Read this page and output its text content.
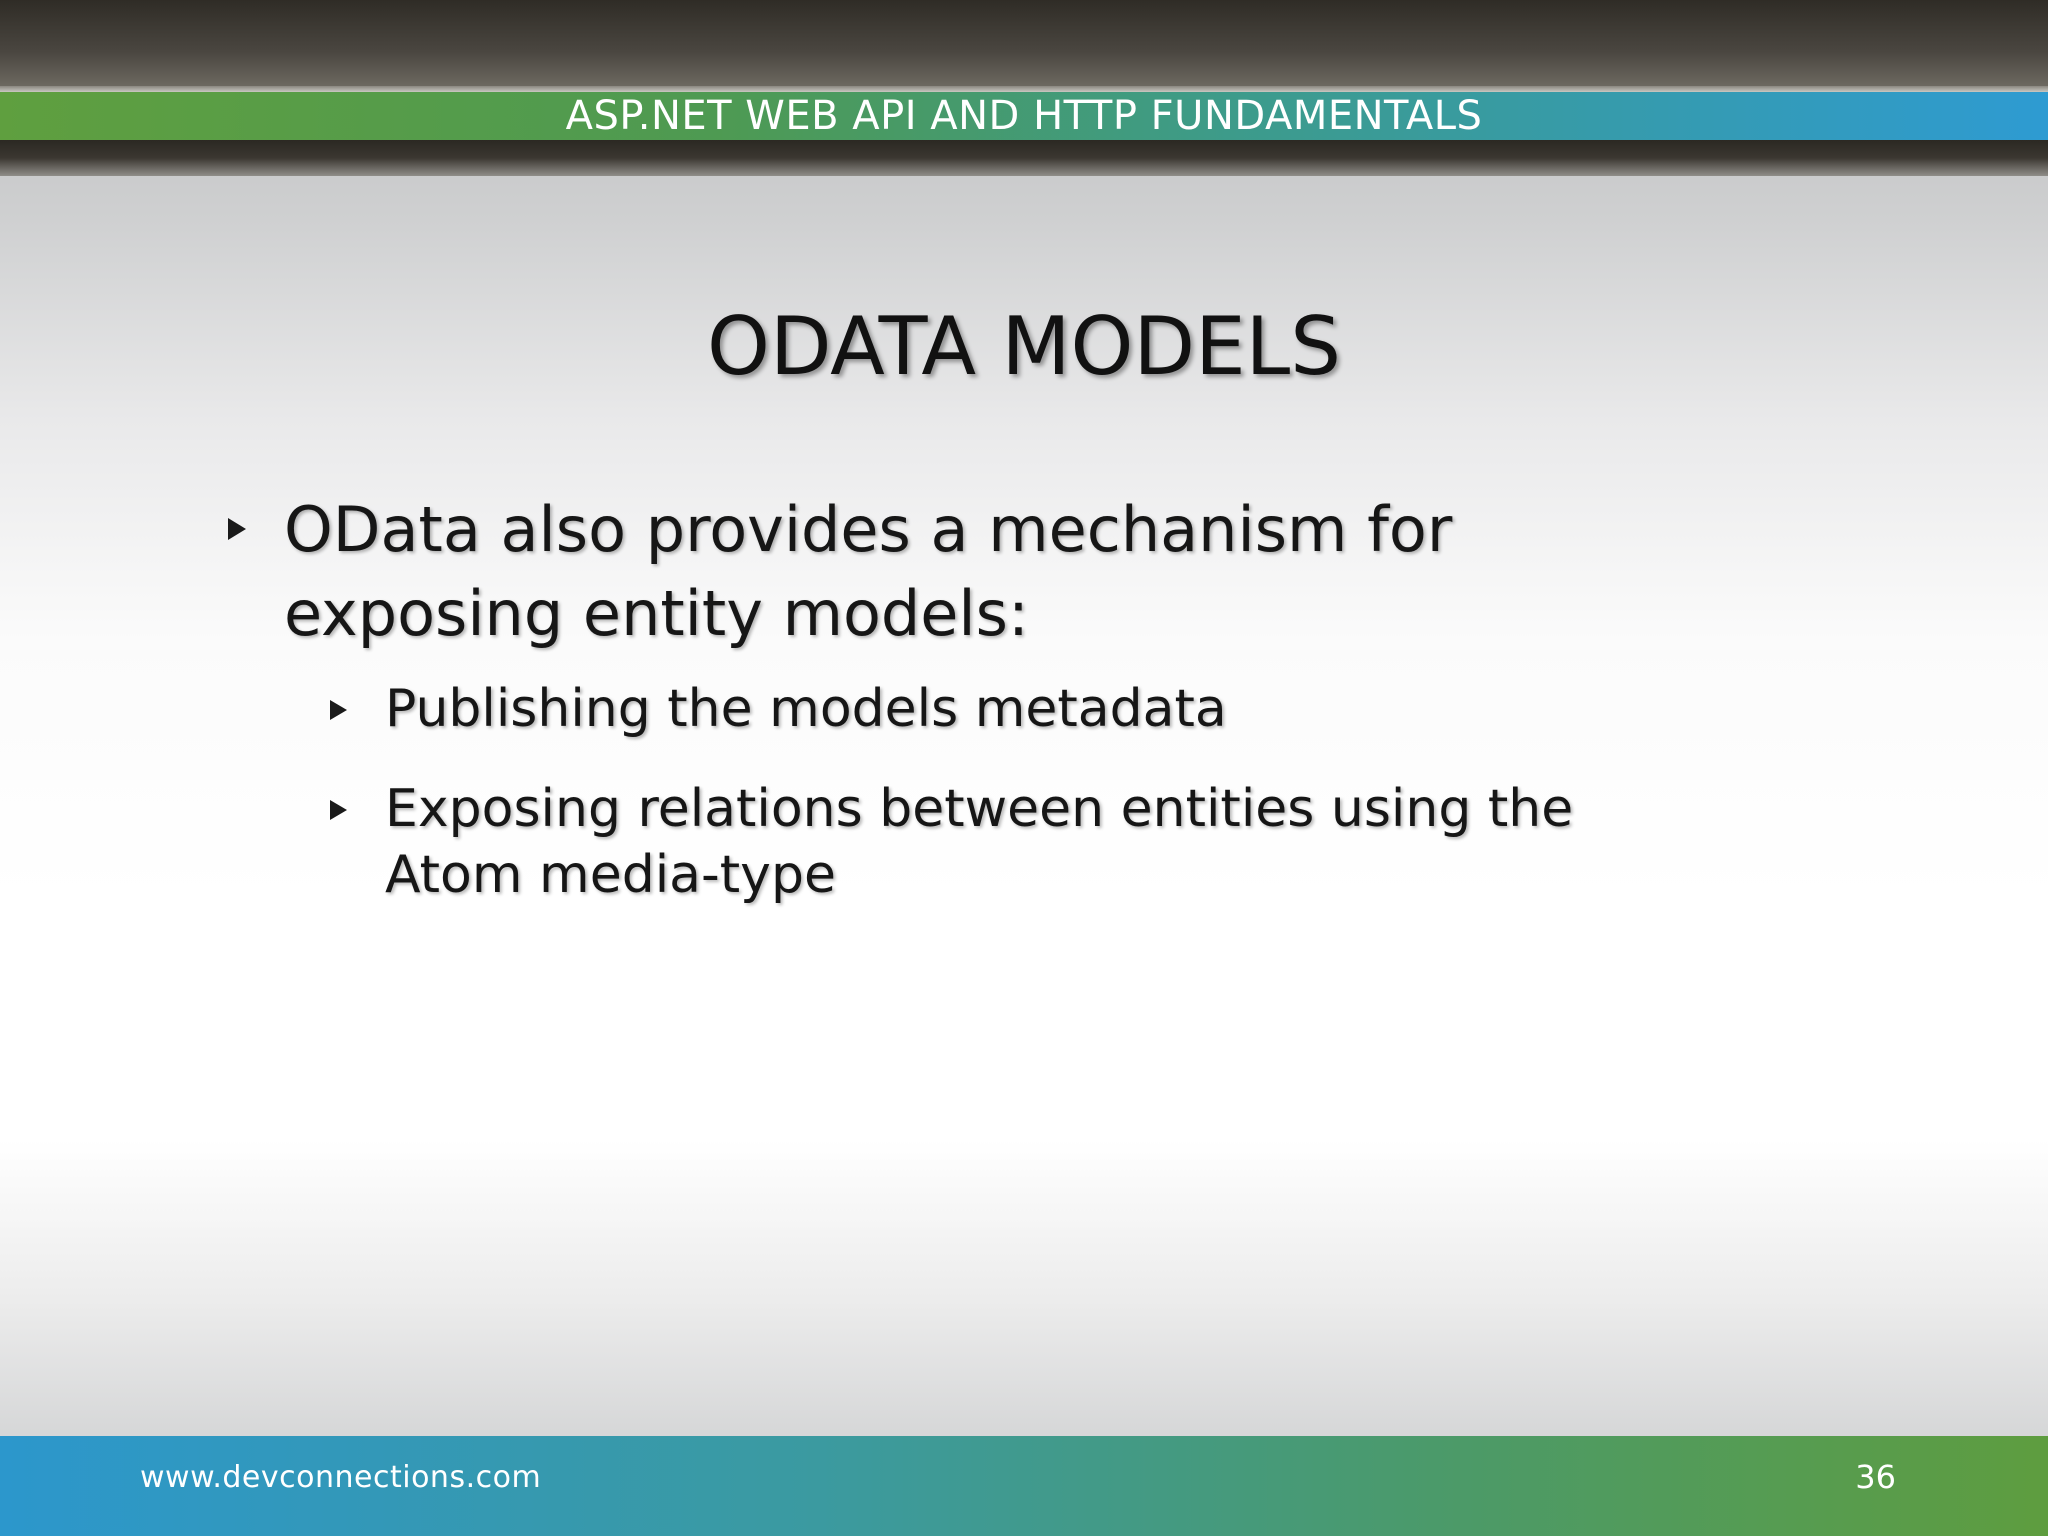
ASP.NET WEB API AND HTTP FUNDAMENTALS
ODATA MODELS
OData also provides a mechanism for exposing entity models:
Publishing the models metadata
Exposing relations between entities using the Atom media-type
www.devconnections.com	36
